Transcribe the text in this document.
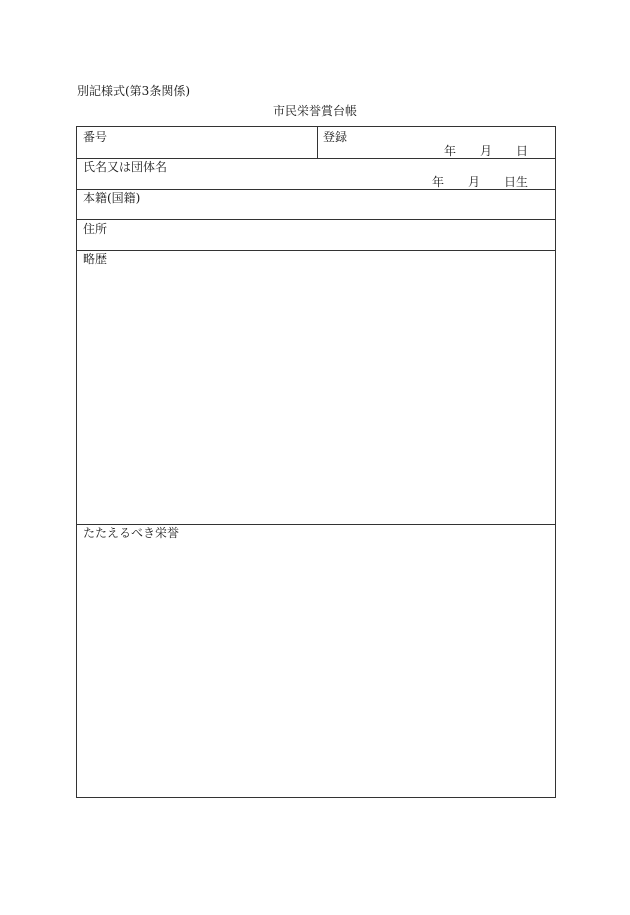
別記様式(第3条関係)
市民栄誉賞台帳
番号	登録
年 月 日
氏名又は団体名
年 月 日生
本籍(国籍)
住所
略歴
たたえるべき栄誉
